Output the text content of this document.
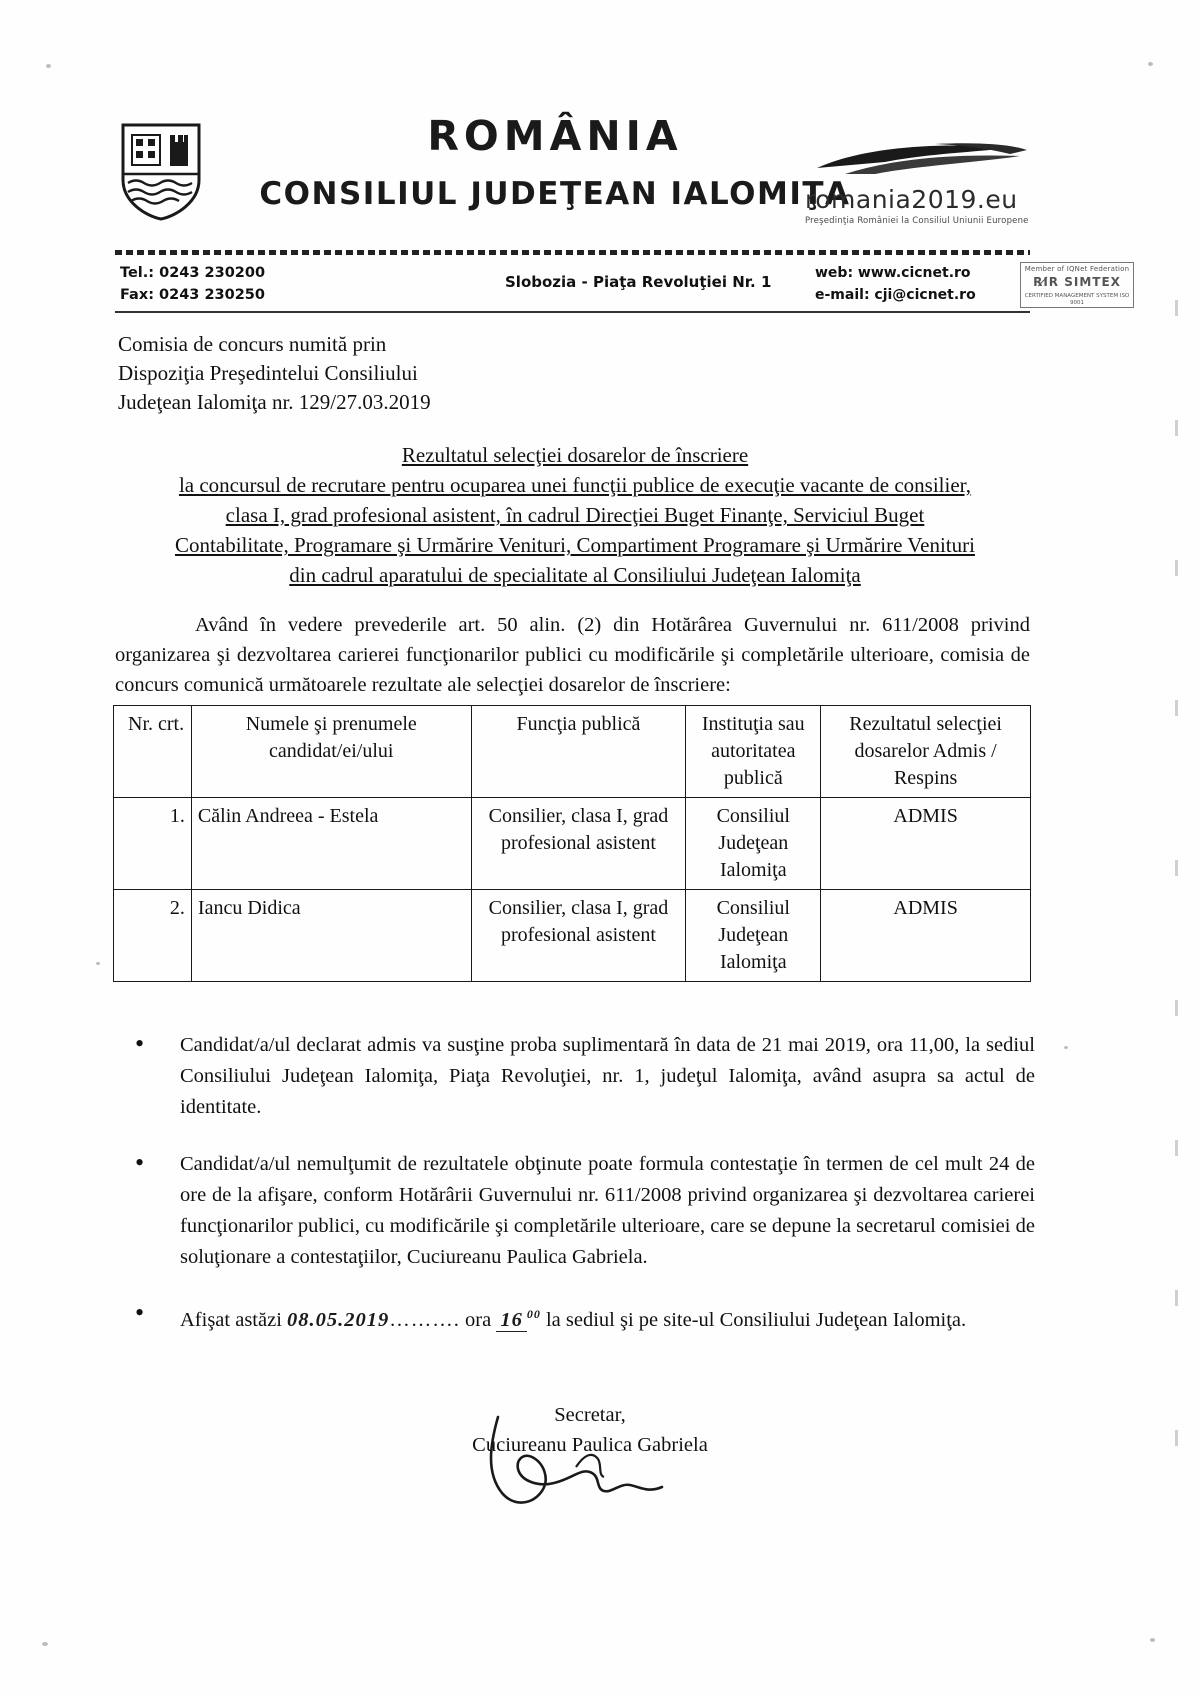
ROMÂNIA
CONSILIUL JUDEŢEAN IALOMIŢA
romania2019.eu
Preşedinţia României la Consiliul Uniunii Europene
Tel.: 0243 230200
Fax: 0243 230250
Slobozia - Piaţa Revoluţiei Nr. 1	web: www.cicnet.ro
e-mail: cji@cicnet.ro
Member of IQNet Federation
RI̸R SIMTEX
CERTIFIED MANAGEMENT SYSTEM ISO 9001
Comisia de concurs numită prin
Dispoziţia Preşedintelui Consiliului
Judeţean Ialomiţa nr. 129/27.03.2019
Rezultatul selecţiei dosarelor de înscriere
la concursul de recrutare pentru ocuparea unei funcţii publice de execuţie vacante de consilier,
clasa I, grad profesional asistent, în cadrul Direcţiei Buget Finanţe, Serviciul Buget
Contabilitate, Programare şi Urmărire Venituri, Compartiment Programare şi Urmărire Venituri
din cadrul aparatului de specialitate al Consiliului Judeţean Ialomiţa
Având în vedere prevederile art. 50 alin. (2) din Hotărârea Guvernului nr. 611/2008 privind organizarea şi dezvoltarea carierei funcţionarilor publici cu modificările şi completările ulterioare, comisia de concurs comunică următoarele rezultate ale selecţiei dosarelor de înscriere:
Nr. crt.	Numele şi prenumele candidat/ei/ului	Funcţia publică	Instituţia sau autoritatea publică	Rezultatul selecţiei dosarelor Admis / Respins
1.	Călin Andreea - Estela	Consilier, clasa I, grad profesional asistent	Consiliul Judeţean Ialomiţa	ADMIS
2.	Iancu Didica	Consilier, clasa I, grad profesional asistent	Consiliul Judeţean Ialomiţa	ADMIS
• Candidat/a/ul declarat admis va susţine proba suplimentară în data de 21 mai 2019, ora 11,00, la sediul Consiliului Judeţean Ialomiţa, Piaţa Revoluţiei, nr. 1, judeţul Ialomiţa, având asupra sa actul de identitate.
• Candidat/a/ul nemulţumit de rezultatele obţinute poate formula contestaţie în termen de cel mult 24 de ore de la afişare, conform Hotărârii Guvernului nr. 611/2008 privind organizarea şi dezvoltarea carierei funcţionarilor publici, cu modificările şi completările ulterioare, care se depune la secretarul comisiei de soluţionare a contestaţiilor, Cuciureanu Paulica Gabriela.
• Afişat astăzi 08.05.2019………. ora 16 $^{00}$ la sediul şi pe site-ul Consiliului Judeţean Ialomiţa.
Secretar,
Cuciureanu Paulica Gabriela
